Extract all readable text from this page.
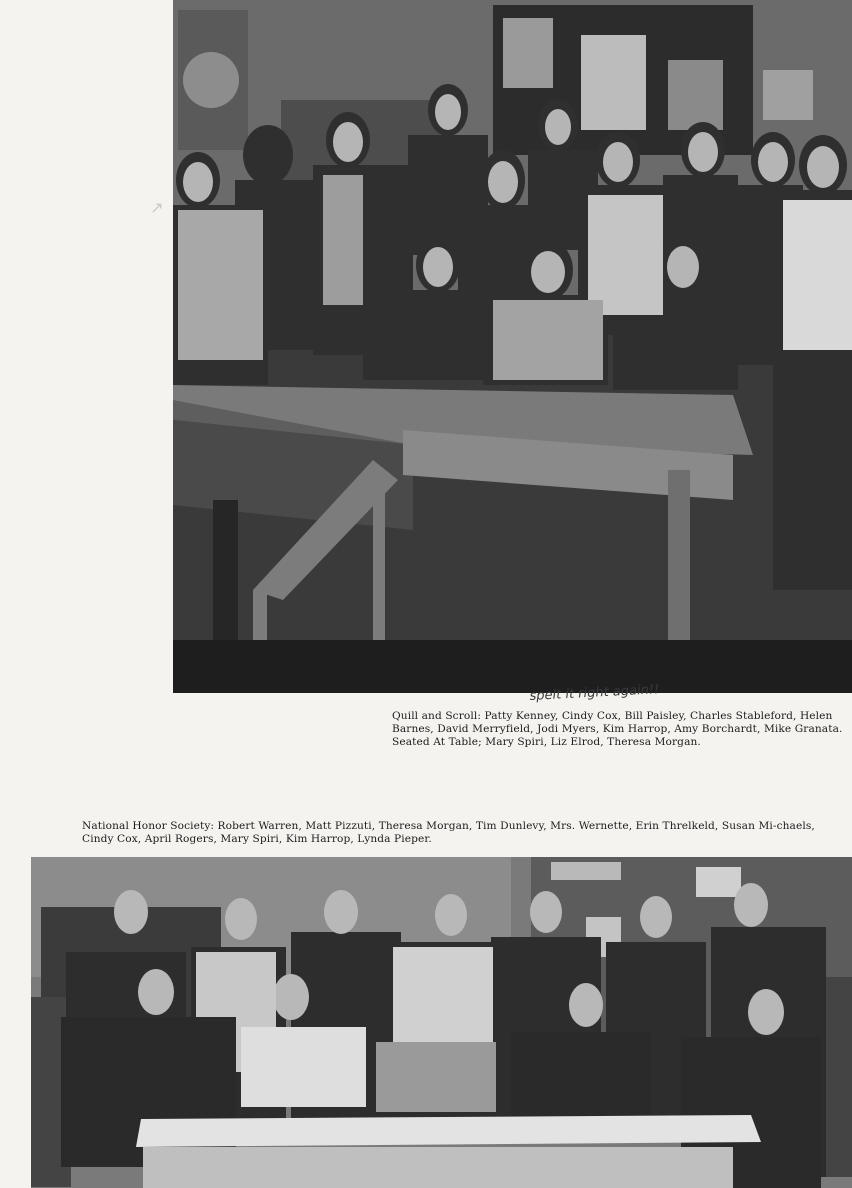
spelt it right again!!
↗
Quill and Scroll: Patty Kenney, Cindy Cox, Bill Paisley, Charles Stableford, Helen Barnes, David Merryfield, Jodi Myers, Kim Harrop, Amy Borchardt, Mike Granata. Seated At Table; Mary Spiri, Liz Elrod, Theresa Morgan.
National Honor Society: Robert Warren, Matt Pizzuti, Theresa Morgan, Tim Dunlevy, Mrs. Wernette, Erin Threlkeld, Susan Mi-chaels, Cindy Cox, April Rogers, Mary Spiri, Kim Harrop, Lynda Pieper.
